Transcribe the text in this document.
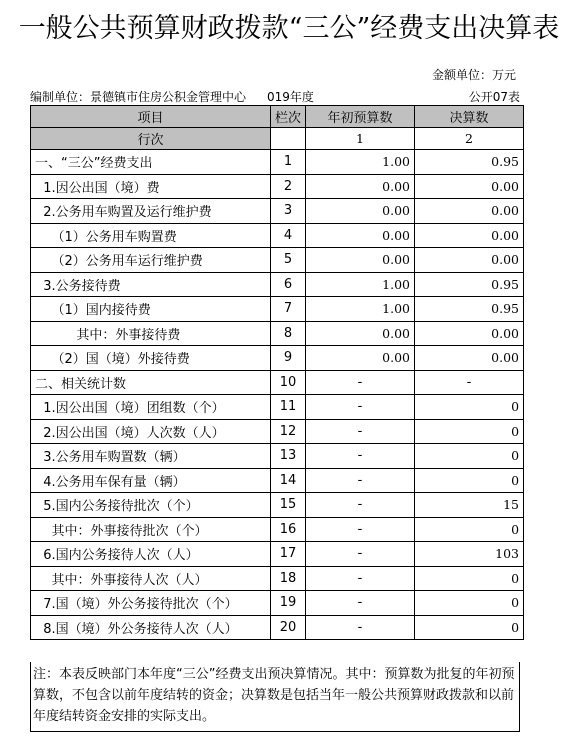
一般公共预算财政拨款“三公”经费支出决算表
金额单位：万元
编制单位：景德镇市住房公积金管理中心 019年度	公开07表
项目	栏次	年初预算数	决算数
行次		1	2
一、“三公”经费支出	1	1.00	0.95
1.因公出国（境）费	2	0.00	0.00
2.公务用车购置及运行维护费	3	0.00	0.00
（1）公务用车购置费	4	0.00	0.00
（2）公务用车运行维护费	5	0.00	0.00
3.公务接待费	6	1.00	0.95
（1）国内接待费	7	1.00	0.95
其中：外事接待费	8	0.00	0.00
（2）国（境）外接待费	9	0.00	0.00
二、相关统计数	10	-	-
1.因公出国（境）团组数（个）	11	-	0
2.因公出国（境）人次数（人）	12	-	0
3.公务用车购置数（辆）	13	-	0
4.公务用车保有量（辆）	14	-	0
5.国内公务接待批次（个）	15	-	15
其中：外事接待批次（个）	16	-	0
6.国内公务接待人次（人）	17	-	103
其中：外事接待人次（人）	18	-	0
7.国（境）外公务接待批次（个）	19	-	0
8.国（境）外公务接待人次（人）	20	-	0
注：本表反映部门本年度“三公”经费支出预决算情况。其中：预算数为批复的年初预算数，不包含以前年度结转的资金；决算数是包括当年一般公共预算财政拨款和以前年度结转资金安排的实际支出。
